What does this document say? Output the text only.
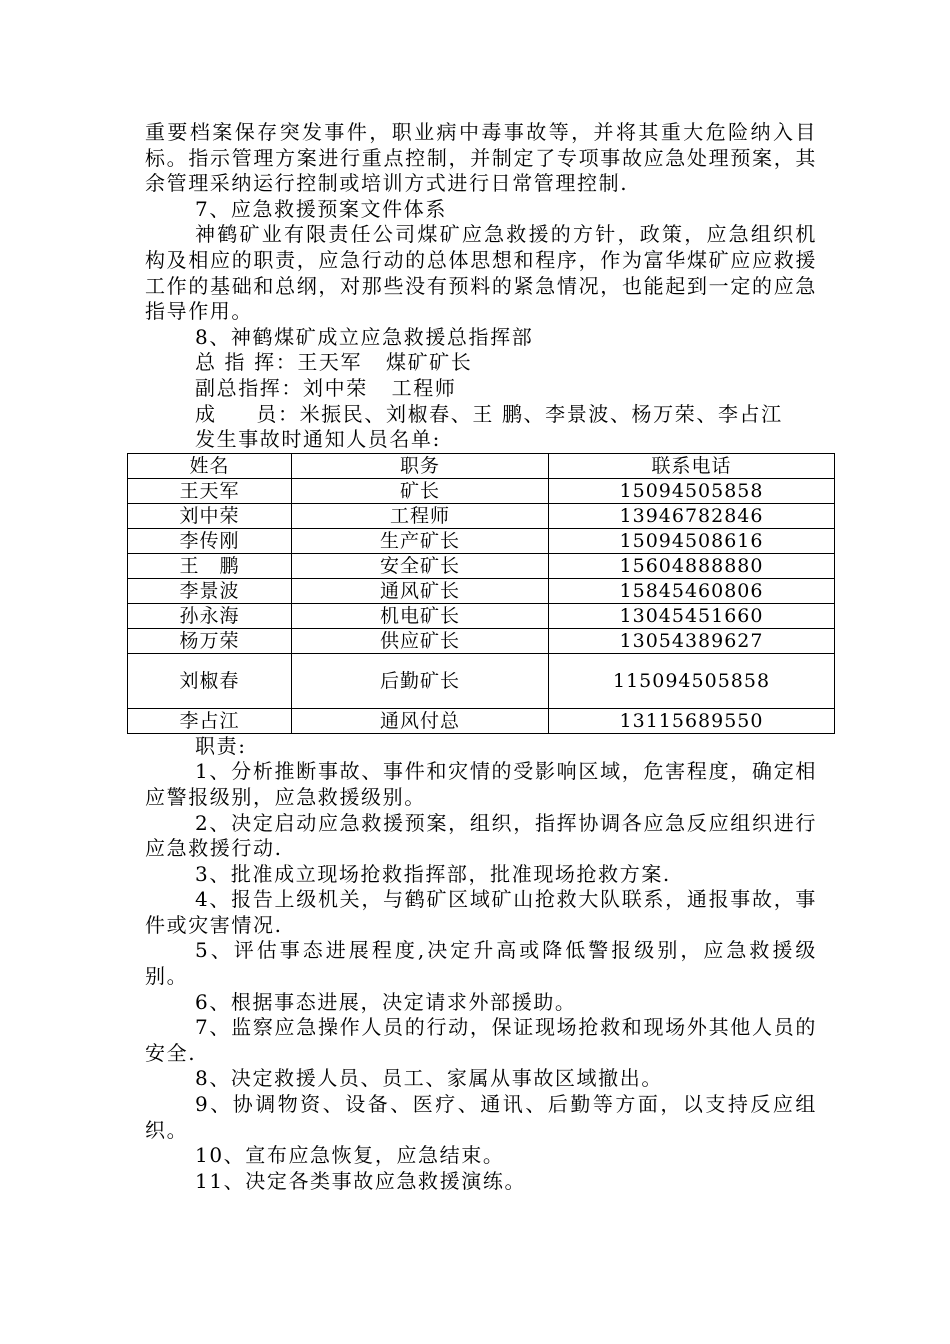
重要档案保存突发事件，职业病中毒事故等，并将其重大危险纳入目标。指示管理方案进行重点控制，并制定了专项事故应急处理预案，其余管理采纳运行控制或培训方式进行日常管理控制.

7、应急救援预案文件体系

神鹤矿业有限责任公司煤矿应急救援的方针，政策，应急组织机构及相应的职责，应急行动的总体思想和程序，作为富华煤矿应应救援工作的基础和总纲，对那些没有预料的紧急情况，也能起到一定的应急指导作用。

8、神鹤煤矿成立应急救援总指挥部

总 指 挥：王天军   煤矿矿长

副总指挥：刘中荣   工程师

成     员：米振民、刘椒春、王 鹏、李景波、杨万荣、李占江

发生事故时通知人员名单:

姓名	职务	联系电话
王天军	矿长	15094505858
刘中荣	工程师	13946782846
李传刚	生产矿长	15094508616
王　鹏	安全矿长	15604888880
李景波	通风矿长	15845460806
孙永海	机电矿长	13045451660
杨万荣	供应矿长	13054389627
刘椒春	后勤矿长	115094505858
李占江	通风付总	13115689550

职责:

1、分析推断事故、事件和灾情的受影响区域，危害程度，确定相应警报级别，应急救援级别。

2、决定启动应急救援预案，组织，指挥协调各应急反应组织进行应急救援行动.

3、批准成立现场抢救指挥部，批准现场抢救方案.

4、报告上级机关，与鹤矿区域矿山抢救大队联系，通报事故，事件或灾害情况.

5、评估事态进展程度,决定升高或降低警报级别，应急救援级别。

6、根据事态进展，决定请求外部援助。

7、监察应急操作人员的行动，保证现场抢救和现场外其他人员的安全.

8、决定救援人员、员工、家属从事故区域撤出。

9、协调物资、设备、医疗、通讯、后勤等方面，以支持反应组织。

10、宣布应急恢复，应急结束。

11、决定各类事故应急救援演练。
